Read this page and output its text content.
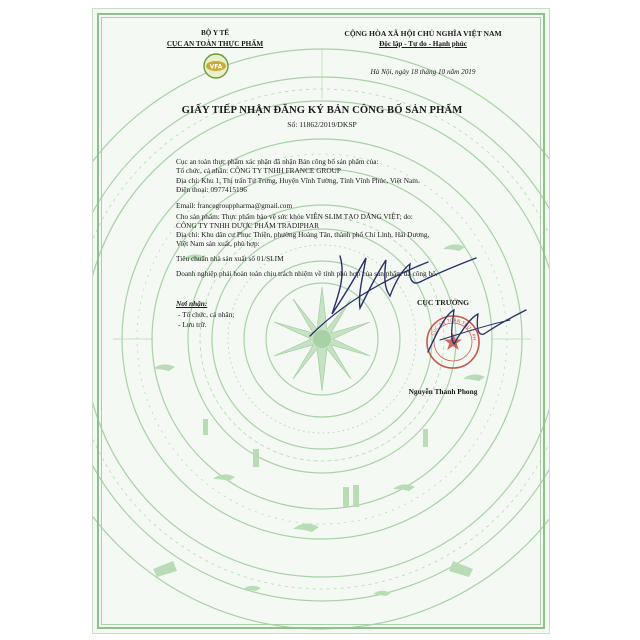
BỘ Y TẾ
CỤC AN TOÀN THỰC PHẨM
VFA
CỘNG HÒA XÃ HỘI CHỦ NGHĨA VIỆT NAM
Độc lập - Tự do - Hạnh phúc
Hà Nội, ngày 18 tháng 10 năm 2019
GIẤY TIẾP NHẬN ĐĂNG KÝ BẢN CÔNG BỐ SẢN PHẨM
Số: 11862/2019/DKSP
Cục an toàn thực phẩm xác nhận đã nhận Bản công bố sản phẩm của:
Tổ chức, cá nhân: CÔNG TY TNHH FRANCE GROUP
Địa chỉ: Khu 1, Thị trấn Tứ Trưng, Huyện Vĩnh Tường, Tỉnh Vĩnh Phúc, Việt Nam.
Điện thoại: 0977415196
Email: francegrouppharma@gmail.com
Cho sản phẩm: Thực phẩm bảo vệ sức khỏe VIÊN SLIM TẠO DÁNG VIỆT; do:
CÔNG TY TNHH DƯỢC PHẨM TRADIPHAR
Địa chỉ: Khu dân cư Phục Thiện, phường Hoàng Tân, thành phố Chí Linh, Hải Dương,
Việt Nam sản xuất, phù hợp:
Tiêu chuẩn nhà sản xuất số 01/SLIM
Doanh nghiệp phải hoàn toàn chịu trách nhiệm về tính phù hợp của sản phẩm đã công bố.
Nơi nhận:
- Tổ chức, cá nhân;
- Lưu trữ.
CỤC TRƯỞNG
Nguyễn Thanh Phong
CỤC AN TOÀN THỰC PH
